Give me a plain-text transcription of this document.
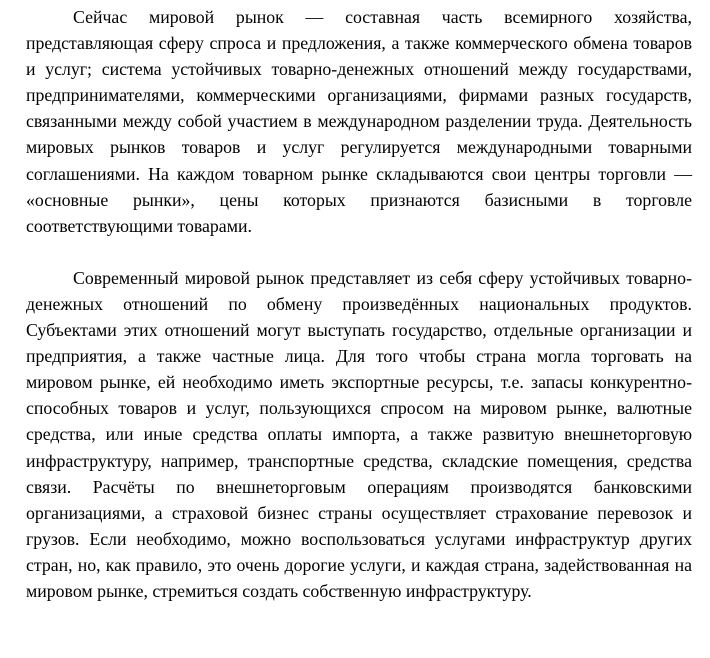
Сейчас мировой рынок — составная часть всемирного хозяйства, представляющая сферу спроса и предложения, а также коммерческого обмена товаров и услуг; система устойчивых товарно-денежных отношений между государствами, предпринимателями, коммерческими организациями, фирмами разных государств, связанными между собой участием в международном разделении труда. Деятельность мировых рынков товаров и услуг регулируется международными товарными соглашениями. На каждом товарном рынке складываются свои центры торговли — «основные рынки», цены которых признаются базисными в торговле соответствующими товарами.

Современный мировой рынок представляет из себя сферу устойчивых товарно-денежных отношений по обмену произведённых национальных продуктов. Субъектами этих отношений могут выступать государство, отдельные организации и предприятия, а также частные лица. Для того чтобы страна могла торговать на мировом рынке, ей необходимо иметь экспортные ресурсы, т.е. запасы конкурентно-способных товаров и услуг, пользующихся спросом на мировом рынке, валютные средства, или иные средства оплаты импорта, а также развитую внешнеторговую инфраструктуру, например, транспортные средства, складские помещения, средства связи. Расчёты по внешнеторговым операциям производятся банковскими организациями, а страховой бизнес страны осуществляет страхование перевозок и грузов. Если необходимо, можно воспользоваться услугами инфраструктур других стран, но, как правило, это очень дорогие услуги, и каждая страна, задействованная на мировом рынке, стремиться создать собственную инфраструктуру.
